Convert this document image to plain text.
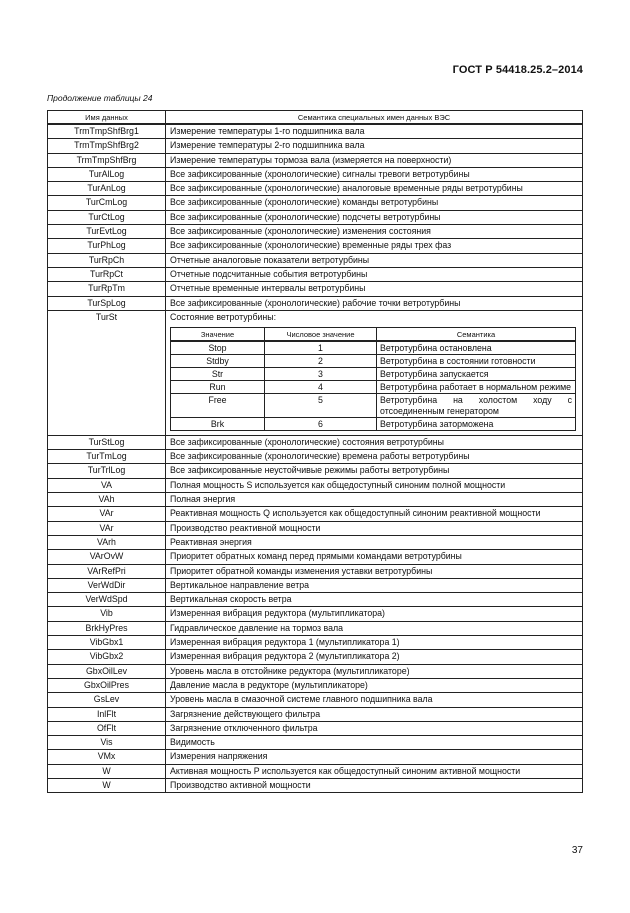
ГОСТ Р 54418.25.2–2014
Продолжение таблицы 24
Имя данных	Семантика специальных имен данных ВЭС
TrmTmpShfBrg1	Измерение температуры 1-го подшипника вала
TrmTmpShfBrg2	Измерение температуры 2-го подшипника вала
TrmTmpShfBrg	Измерение температуры тормоза вала (измеряется на поверхности)
TurAlLog	Все зафиксированные (хронологические) сигналы тревоги ветротурбины
TurAnLog	Все зафиксированные (хронологические) аналоговые временные ряды ветротурбины
TurCmLog	Все зафиксированные (хронологические) команды ветротурбины
TurCtLog	Все зафиксированные (хронологические) подсчеты ветротурбины
TurEvtLog	Все зафиксированные (хронологические) изменения состояния
TurPhLog	Все зафиксированные (хронологические) временные ряды трех фаз
TurRpCh	Отчетные аналоговые показатели ветротурбины
TurRpCt	Отчетные подсчитанные события ветротурбины
TurRpTm	Отчетные временные интервалы ветротурбины
TurSpLog	Все зафиксированные (хронологические) рабочие точки ветротурбины
TurSt	Состояние ветротурбины:
Значение	Числовое значение	Семантика
Stop	1	Ветротурбина остановлена
Stdby	2	Ветротурбина в состоянии готовности
Str	3	Ветротурбина запускается
Run	4	Ветротурбина работает в нормальном режиме
Free	5	Ветротурбина на холостом ходу с отсоединенным генератором
Brk	6	Ветротурбина заторможена

TurStLog	Все зафиксированные (хронологические) состояния ветротурбины
TurTmLog	Все зафиксированные (хронологические) времена работы ветротурбины
TurTrlLog	Все зафиксированные неустойчивые режимы работы ветротурбины
VA	Полная мощность S используется как общедоступный синоним полной мощности
VAh	Полная энергия
VAr	Реактивная мощность Q используется как общедоступный синоним реактивной мощности
VAr	Производство реактивной мощности
VArh	Реактивная энергия
VArOvW	Приоритет обратных команд перед прямыми командами ветротурбины
VArRefPri	Приоритет обратной команды изменения уставки ветротурбины
VerWdDir	Вертикальное направление ветра
VerWdSpd	Вертикальная скорость ветра
Vib	Измеренная вибрация редуктора (мультипликатора)
BrkHyPres	Гидравлическое давление на тормоз вала
VibGbx1	Измеренная вибрация редуктора 1 (мультипликатора 1)
VibGbx2	Измеренная вибрация редуктора 2 (мультипликатора 2)
GbxOilLev	Уровень масла в отстойнике редуктора (мультипликаторе)
GbxOilPres	Давление масла в редукторе (мультипликаторе)
GsLev	Уровень масла в смазочной системе главного подшипника вала
InlFlt	Загрязнение действующего фильтра
OfFlt	Загрязнение отключенного фильтра
Vis	Видимость
VMx	Измерения напряжения
W	Активная мощность P используется как общедоступный синоним активной мощности
W	Производство активной мощности
37
